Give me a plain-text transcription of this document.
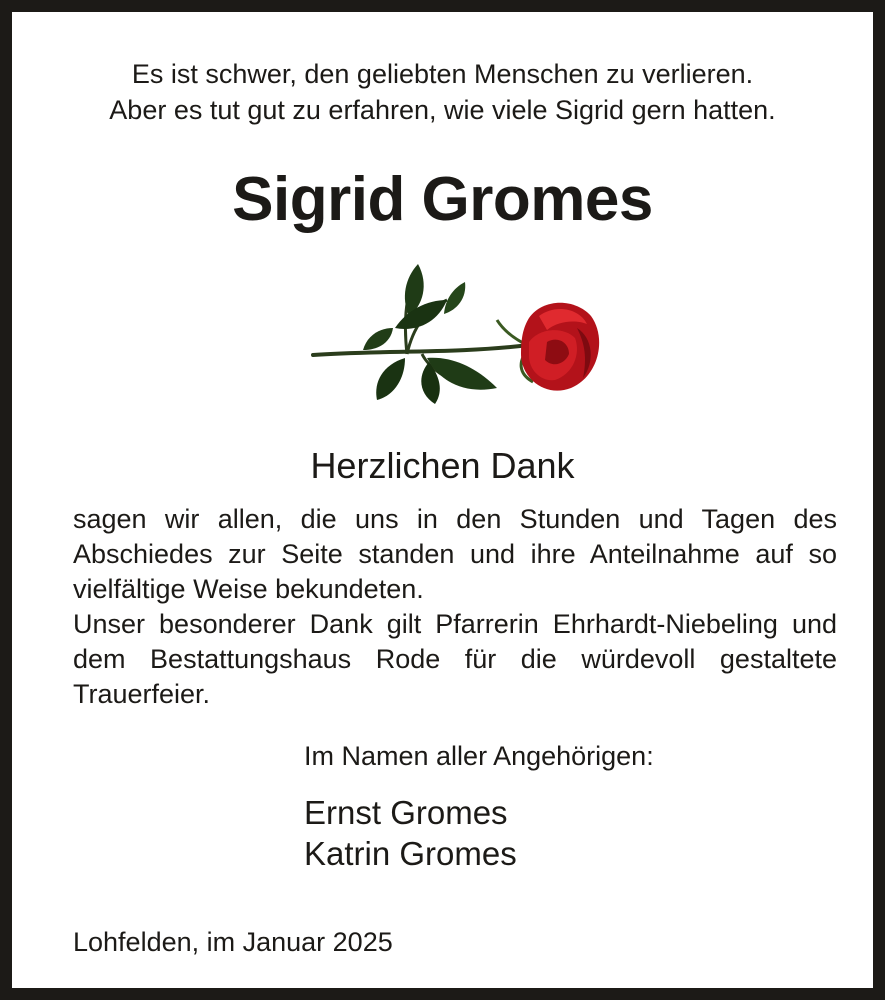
Es ist schwer, den geliebten Menschen zu verlieren.
Aber es tut gut zu erfahren, wie viele Sigrid gern hatten.
Sigrid Gromes
Herzlichen Dank

sagen wir allen, die uns in den Stunden und Tagen des Abschiedes zur Seite standen und ihre Anteilnahme auf so vielfältige Weise bekundeten.

Unser besonderer Dank gilt Pfarrerin Ehrhardt-Niebeling und dem Bestattungshaus Rode für die würdevoll gestaltete Trauerfeier.

Im Namen aller Angehörigen:
Ernst Gromes
Katrin Gromes
Lohfelden, im Januar 2025
